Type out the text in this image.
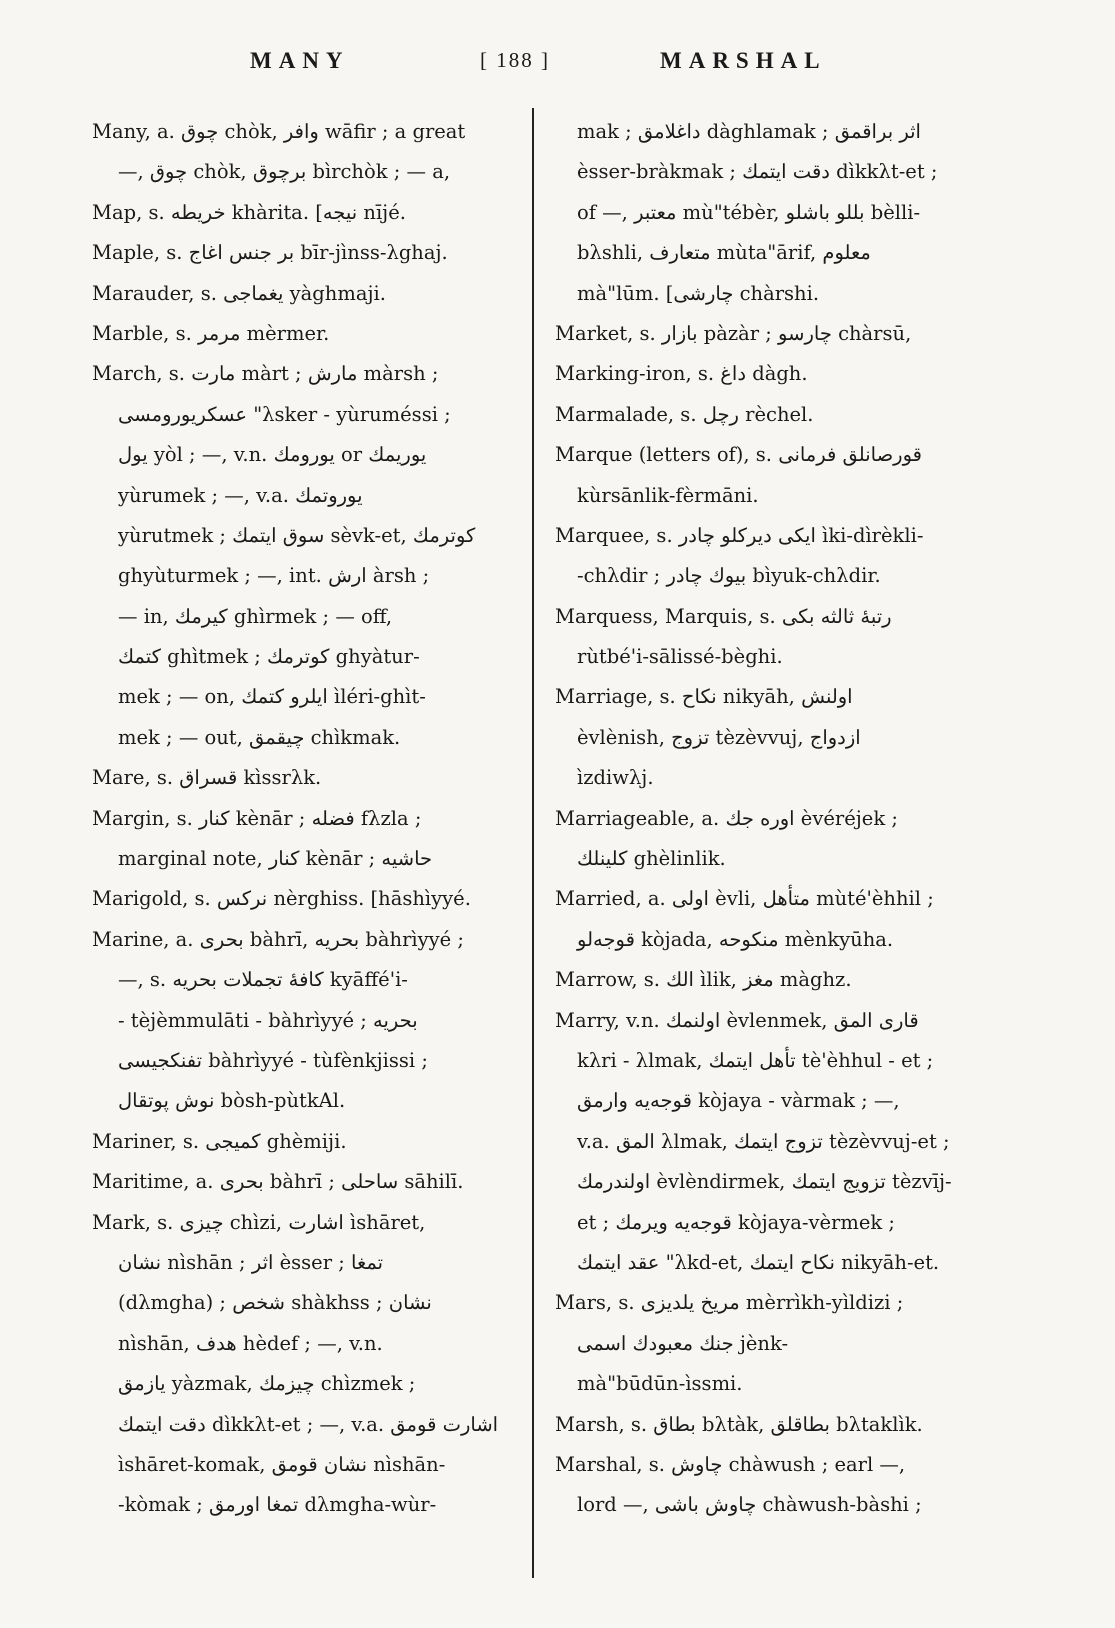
MANY	[ 188 ]	MARSHAL
Many, a. چوق chòk, وافر wāfir ; a great
—, چوق chòk, برچوق bìrchòk ; — a,
Map, s. خريطه khàrita. [نيجه nījé.
Maple, s. بر جنس اغاج bīr-jìnss-λghaj.
Marauder, s. يغماجى yàghmaji.
Marble, s. مرمر mèrmer.
March, s. مارت màrt ; مارش màrsh ;
عسكريورومسى "λsker - yùruméssi ;
يول yòl ; —, v.n. يورومك or يوريمك
yùrumek ; —, v.a. يوروتمك
yùrutmek ; سوق ايتمك sèvk-et, كوترمك
ghyùturmek ; —, int. ارش àrsh ;
— in, كيرمك ghìrmek ; — off,
كتمك ghìtmek ; كوترمك ghyàtur-
mek ; — on, ايلرو كتمك ìléri-ghìt-
mek ; — out, چيقمق chìkmak.
Mare, s. قسراق kìssrλk.
Margin, s. كنار kènār ; فضله fλzla ;
marginal note, كنار kènār ; حاشيه
Marigold, s. نركس nèrghiss. [hāshìyyé.
Marine, a. بحرى bàhrī, بحريه bàhrìyyé ;
—, s. كافۀ تجملات بحريه kyāffé'i-
- tèjèmmulāti - bàhrìyyé ; بحريه
تفنكجيسى bàhrìyyé - tùfènkjissi ;
نوش پوتقال bòsh-pùtkAl.
Mariner, s. كميجى ghèmiji.
Maritime, a. بحرى bàhrī ; ساحلى sāhilī.
Mark, s. چيزى chìzi, اشارت ìshāret,
نشان nìshān ; اثر èsser ; تمغا
(dλmgha) ; شخص shàkhss ; نشان
nìshān, هدف hèdef ; —, v.n.
يازمق yàzmak, چيزمك chìzmek ;
دقت ايتمك dìkkλt-et ; —, v.a. اشارت قومق
ìshāret-komak, نشان قومق nìshān-
-kòmak ; تمغا اورمق dλmgha-wùr-
mak ; داغلامق dàghlamak ; اثر براقمق
èsser-bràkmak ; دقت ايتمك dìkkλt-et ;
of —, معتبر mù"tébèr, بللو باشلو bèlli-
bλshli, متعارف mùta"ārif, معلوم
mà"lūm. [چارشى chàrshi.
Market, s. بازار pàzàr ; چارسو chàrsū,
Marking-iron, s. داغ dàgh.
Marmalade, s. رچل rèchel.
Marque (letters of), s. قورصانلق فرمانى
kùrsānlik-fèrmāni.
Marquee, s. ايكى ديركلو چادر ìki-dìrèkli-
-chλdir ; بيوك چادر bìyuk-chλdir.
Marquess, Marquis, s. رتبۀ ثالثه بكى
rùtbé'i-sālissé-bèghi.
Marriage, s. نكاح nikyāh, اولنش
èvlènish, تزوج tèzèvvuj, ازدواج
ìzdiwλj.
Marriageable, a. اوره جك èvéréjek ;
كلينلك ghèlinlik.
Married, a. اولى èvli, متأهل mùté'èhhil ;
قوجه‌لو kòjada, منكوحه mènkyūha.
Marrow, s. الك ìlik, مغز màghz.
Marry, v.n. اولنمك èvlenmek, قارى المق
kλri - λlmak, تأهل ايتمك tè'èhhul - et ;
قوجه‌يه وارمق kòjaya - vàrmak ; —,
v.a. المق λlmak, تزوج ايتمك tèzèvvuj-et ;
اولندرمك èvlèndirmek, تزويج ايتمك tèzvīj-
et ; قوجه‌يه ويرمك kòjaya-vèrmek ;
عقد ايتمك "λkd-et, نكاح ايتمك nikyāh-et.
Mars, s. مريخ يلديزى mèrrìkh-yìldizi ;
جنك معبودك اسمى jènk-
mà"būdūn-ìssmi.
Marsh, s. بطاق bλtàk, بطاقلق bλtaklìk.
Marshal, s. چاوش chàwush ; earl —,
lord —, چاوش باشى chàwush-bàshi ;
